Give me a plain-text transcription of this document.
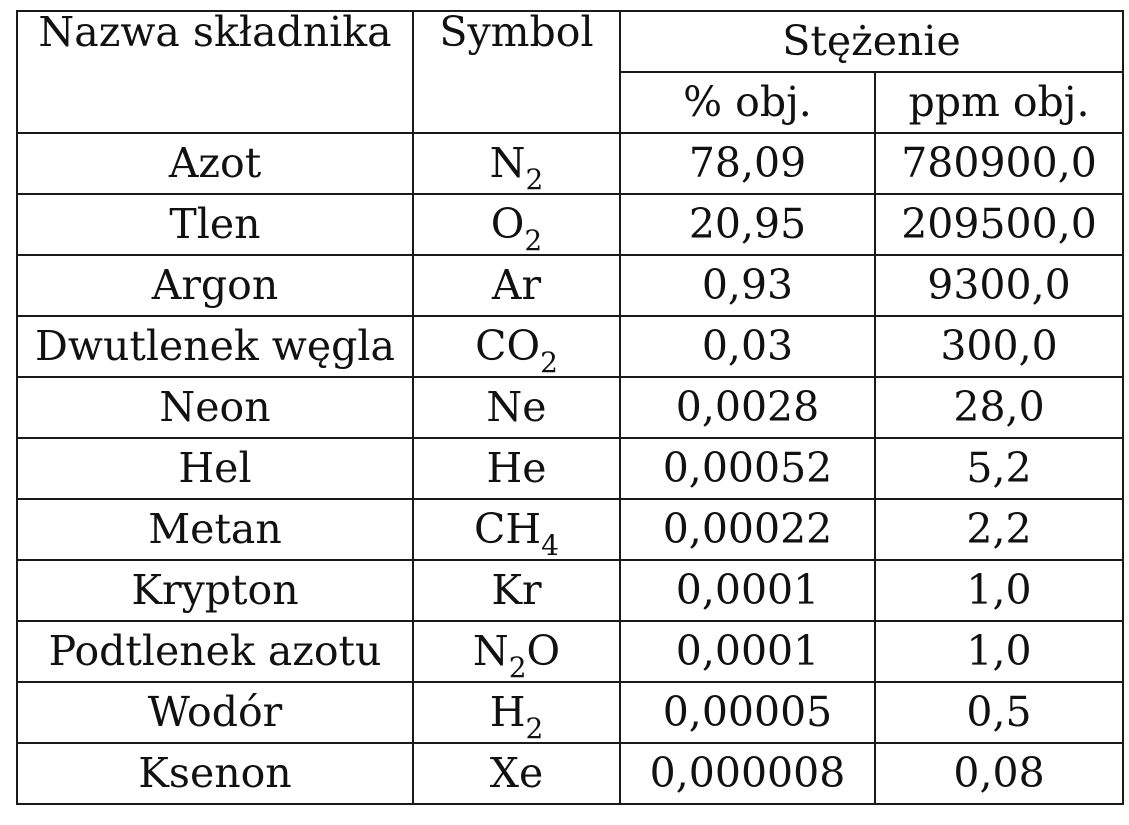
Nazwa składnika	Symbol	Stężenie	
		% obj.	ppm obj.
Azot	$N_2$	78,09	780900,0
Tlen	$O_2$	20,95	209500,0
Argon	Ar	0,93	9300,0
Dwutlenek węgla	$CO_2$	0,03	300,0
Neon	Ne	0,0028	28,0
Hel	He	0,00052	5,2
Metan	$CH_4$	0,00022	2,2
Krypton	Kr	0,0001	1,0
Podtlenek azotu	$N_2O$	0,0001	1,0
Wodór	$H_2$	0,00005	0,5
Ksenon	Xe	0,000008	0,08
